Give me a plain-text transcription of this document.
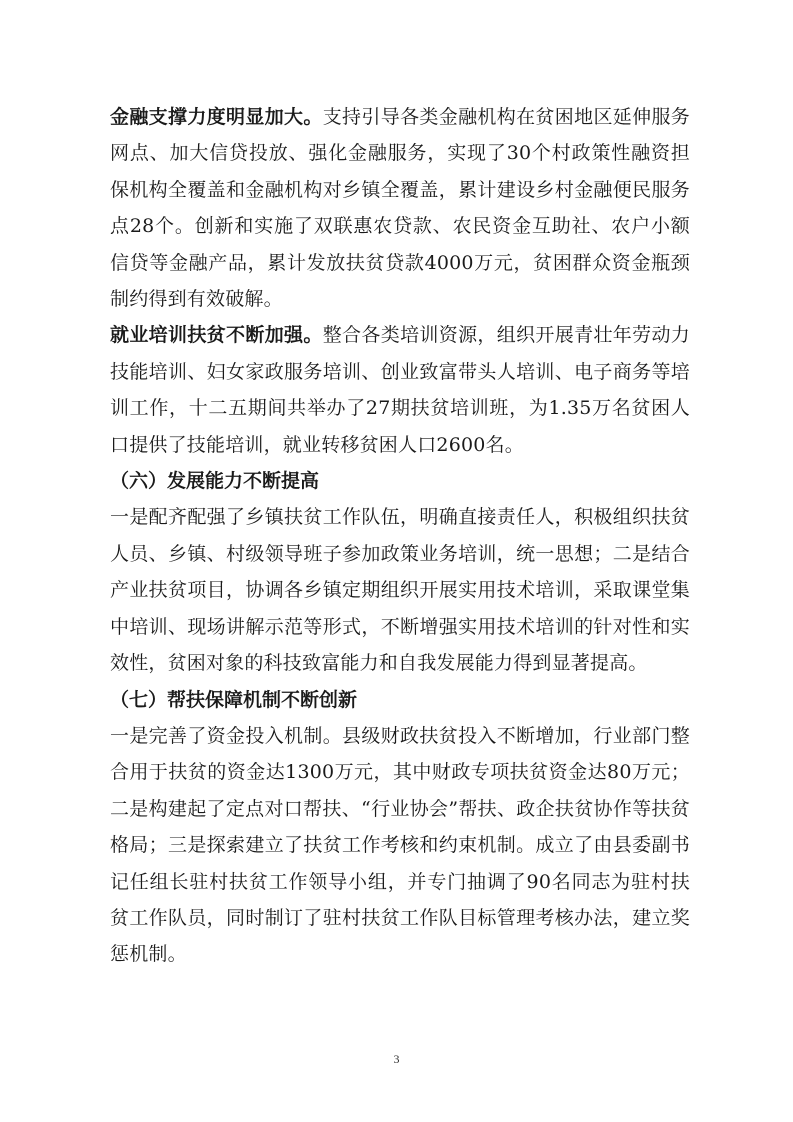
金融支撑力度明显加大。支持引导各类金融机构在贫困地区延伸服务网点、加大信贷投放、强化金融服务，实现了30个村政策性融资担保机构全覆盖和金融机构对乡镇全覆盖，累计建设乡村金融便民服务点28个。创新和实施了双联惠农贷款、农民资金互助社、农户小额信贷等金融产品，累计发放扶贫贷款4000万元，贫困群众资金瓶颈制约得到有效破解。

就业培训扶贫不断加强。整合各类培训资源，组织开展青壮年劳动力技能培训、妇女家政服务培训、创业致富带头人培训、电子商务等培训工作，十二五期间共举办了27期扶贫培训班，为1.35万名贫困人口提供了技能培训，就业转移贫困人口2600名。

（六）发展能力不断提高

一是配齐配强了乡镇扶贫工作队伍，明确直接责任人，积极组织扶贫人员、乡镇、村级领导班子参加政策业务培训，统一思想；二是结合产业扶贫项目，协调各乡镇定期组织开展实用技术培训，采取课堂集中培训、现场讲解示范等形式，不断增强实用技术培训的针对性和实效性，贫困对象的科技致富能力和自我发展能力得到显著提高。

（七）帮扶保障机制不断创新

一是完善了资金投入机制。县级财政扶贫投入不断增加，行业部门整合用于扶贫的资金达1300万元，其中财政专项扶贫资金达80万元；二是构建起了定点对口帮扶、“行业协会”帮扶、政企扶贫协作等扶贫格局；三是探索建立了扶贫工作考核和约束机制。成立了由县委副书记任组长驻村扶贫工作领导小组，并专门抽调了90名同志为驻村扶贫工作队员，同时制订了驻村扶贫工作队目标管理考核办法，建立奖惩机制。

3
